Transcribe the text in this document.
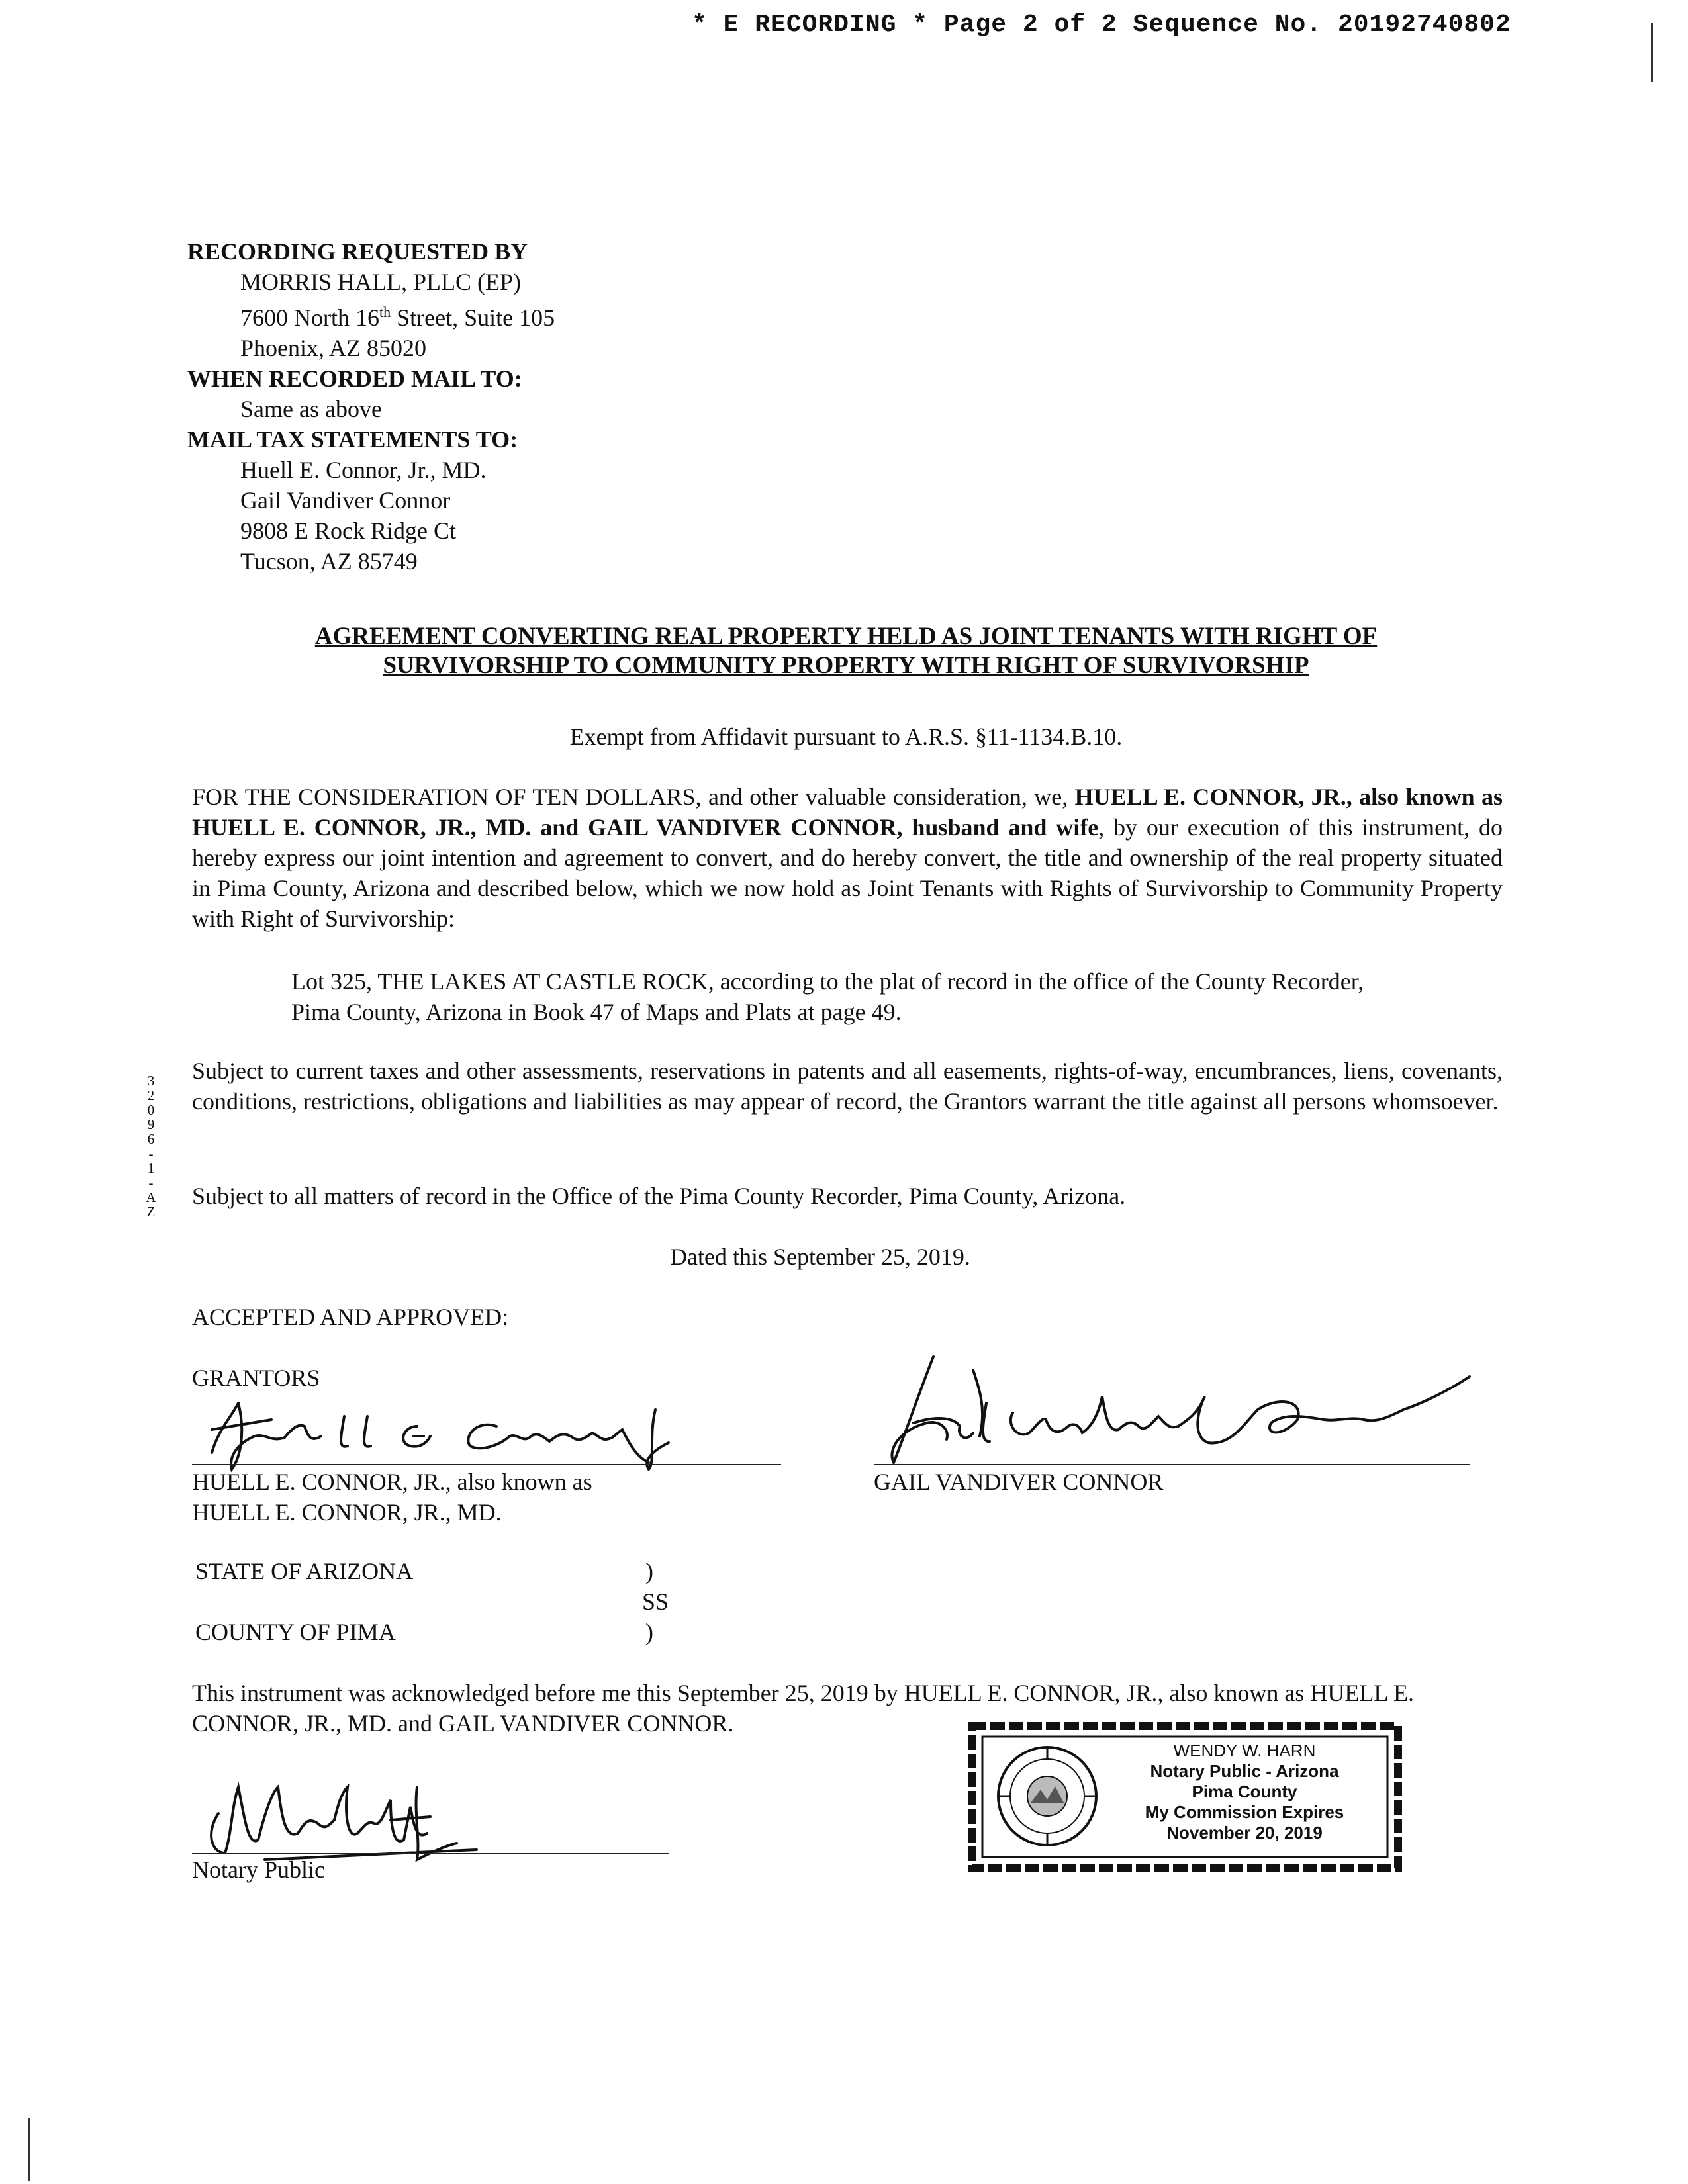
* E RECORDING * Page 2 of 2 Sequence No. 20192740802
RECORDING REQUESTED BY
MORRIS HALL, PLLC (EP)
7600 North 16th Street, Suite 105
Phoenix, AZ 85020
WHEN RECORDED MAIL TO:
Same as above
MAIL TAX STATEMENTS TO:
Huell E. Connor, Jr., MD.
Gail Vandiver Connor
9808 E Rock Ridge Ct
Tucson, AZ 85749
AGREEMENT CONVERTING REAL PROPERTY HELD AS JOINT TENANTS WITH RIGHT OF
SURVIVORSHIP TO COMMUNITY PROPERTY WITH RIGHT OF SURVIVORSHIP
Exempt from Affidavit pursuant to A.R.S. §11-1134.B.10.
FOR THE CONSIDERATION OF TEN DOLLARS, and other valuable consideration, we, HUELL E. CONNOR, JR., also known as HUELL E. CONNOR, JR., MD. and GAIL VANDIVER CONNOR, husband and wife, by our execution of this instrument, do hereby express our joint intention and agreement to convert, and do hereby convert, the title and ownership of the real property situated in Pima County, Arizona and described below, which we now hold as Joint Tenants with Rights of Survivorship to Community Property with Right of Survivorship:
Lot 325, THE LAKES AT CASTLE ROCK, according to the plat of record in the office of the County Recorder, Pima County, Arizona in Book 47 of Maps and Plats at page 49.
3
2
0
9
6
-
1
-
A
Z
Subject to current taxes and other assessments, reservations in patents and all easements, rights-of-way, encumbrances, liens, covenants, conditions, restrictions, obligations and liabilities as may appear of record, the Grantors warrant the title against all persons whomsoever.
Subject to all matters of record in the Office of the Pima County Recorder, Pima County, Arizona.
Dated this September 25, 2019.
ACCEPTED AND APPROVED:
GRANTORS
HUELL E. CONNOR, JR., also known as
HUELL E. CONNOR, JR., MD.
GAIL VANDIVER CONNOR
STATE OF ARIZONA
COUNTY OF PIMA
)
SS
)
This instrument was acknowledged before me this September 25, 2019 by HUELL E. CONNOR, JR., also known as HUELL E. CONNOR, JR., MD. and GAIL VANDIVER CONNOR.
Notary Public
WENDY W. HARN
Notary Public - Arizona
Pima County
My Commission Expires
November 20, 2019
